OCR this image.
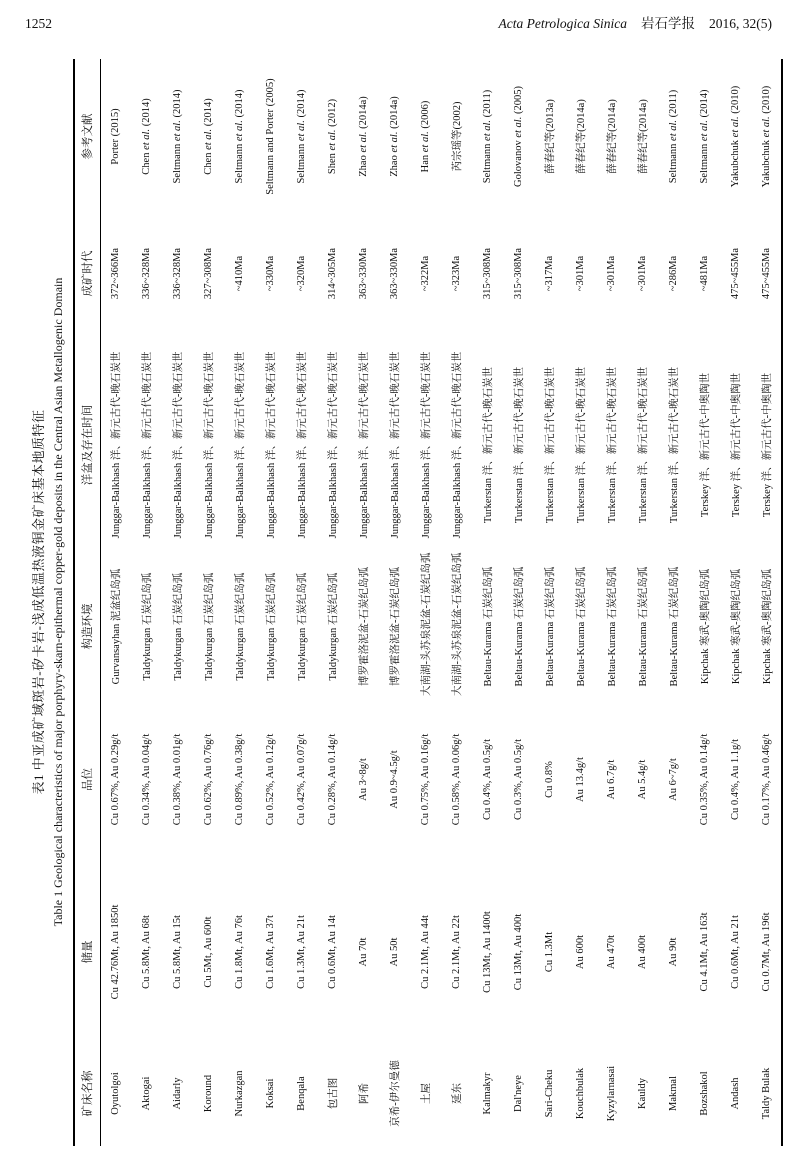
1252	Acta Petrologica Sinica 岩石学报 2016, 32(5)
表1 中亚成矿域斑岩-矽卡岩-浅成低温热液铜金矿床基本地质特征 Table 1 Geological characteristics of major porphyry-skarn-epithermal copper-gold deposits in the Central Asian Metallogenic Domain
矿床名称	储量	品位	构造环境	洋盆及存在时间	成矿时代	参考文献
Oyutolgoi	Cu 42.76Mt, Au 1850t	Cu 0.67%, Au 0.29g/t	Gurvansayhan 泥盆纪岛弧	Junggar-Balkhash 洋、新元古代-晚石炭世	372~366Ma	Porter (2015)
Aktogai	Cu 5.8Mt, Au 68t	Cu 0.34%, Au 0.04g/t	Taldykurgan 石炭纪岛弧	Junggar-Balkhash 洋、新元古代-晚石炭世	336~328Ma	Chen et al. (2014)
Aidarly	Cu 5.8Mt, Au 15t	Cu 0.38%, Au 0.01g/t	Taldykurgan 石炭纪岛弧	Junggar-Balkhash 洋、新元古代-晚石炭世	336~328Ma	Seltmann et al. (2014)
Koround	Cu 5Mt, Au 600t	Cu 0.62%, Au 0.76g/t	Taldykurgan 石炭纪岛弧	Junggar-Balkhash 洋、新元古代-晚石炭世	327~308Ma	Chen et al. (2014)
Nurkazgan	Cu 1.8Mt, Au 76t	Cu 0.89%, Au 0.38g/t	Taldykurgan 石炭纪岛弧	Junggar-Balkhash 洋、新元古代-晚石炭世	~410Ma	Seltmann et al. (2014)
Koksai	Cu 1.6Mt, Au 37t	Cu 0.52%, Au 0.12g/t	Taldykurgan 石炭纪岛弧	Junggar-Balkhash 洋、新元古代-晚石炭世	~330Ma	Seltmann and Porter (2005)
Benqala	Cu 1.3Mt, Au 21t	Cu 0.42%, Au 0.07g/t	Taldykurgan 石炭纪岛弧	Junggar-Balkhash 洋、新元古代-晚石炭世	~320Ma	Seltmann et al. (2014)
包古图	Cu 0.6Mt, Au 14t	Cu 0.28%, Au 0.14g/t	Taldykurgan 石炭纪岛弧	Junggar-Balkhash 洋、新元古代-晚石炭世	314~305Ma	Shen et al. (2012)
阿希	Au 70t	Au 3~8g/t	博罗霍洛泥盆-石炭纪岛弧	Junggar-Balkhash 洋、新元古代-晚石炭世	363~330Ma	Zhao et al. (2014a)
京希-伊尔曼德	Au 50t	Au 0.9~4.5g/t	博罗霍洛泥盆-石炭纪岛弧	Junggar-Balkhash 洋、新元古代-晚石炭世	363~330Ma	Zhao et al. (2014a)
土屋	Cu 2.1Mt, Au 44t	Cu 0.75%, Au 0.16g/t	大南湖-头苏泉泥盆-石炭纪岛弧	Junggar-Balkhash 洋、新元古代-晚石炭世	~322Ma	Han et al. (2006)
延东	Cu 2.1Mt, Au 22t	Cu 0.58%, Au 0.06g/t	大南湖-头苏泉泥盆-石炭纪岛弧	Junggar-Balkhash 洋、新元古代-晚石炭世	~323Ma	芮宗瑶等(2002)
Kalmakyr	Cu 13Mt, Au 1400t	Cu 0.4%, Au 0.5g/t	Beltau-Kurama 石炭纪岛弧	Turkerstan 洋、新元古代-晚石炭世	315~308Ma	Seltmann et al. (2011)
Dal'neye	Cu 13Mt, Au 400t	Cu 0.3%, Au 0.5g/t	Beltau-Kurama 石炭纪岛弧	Turkerstan 洋、新元古代-晚石炭世	315~308Ma	Golovanov et al. (2005)
Sari-Cheku	Cu 1.3Mt	Cu 0.8%	Beltau-Kurama 石炭纪岛弧	Turkerstan 洋、新元古代-晚石炭世	~317Ma	薛春纪等(2013a)
Kouchbulak	Au 600t	Au 13.4g/t	Beltau-Kurama 石炭纪岛弧	Turkerstan 洋、新元古代-晚石炭世	~301Ma	薛春纪等(2014a)
Kyzylarnasai	Au 470t	Au 6.7g/t	Beltau-Kurama 石炭纪岛弧	Turkerstan 洋、新元古代-晚石炭世	~301Ma	薛春纪等(2014a)
Kauldy	Au 400t	Au 5.4g/t	Beltau-Kurama 石炭纪岛弧	Turkerstan 洋、新元古代-晚石炭世	~301Ma	薛春纪等(2014a)
Makmal	Au 90t	Au 6~7g/t	Beltau-Kurama 石炭纪岛弧	Turkerstan 洋、新元古代-晚石炭世	~286Ma	Seltmann et al. (2011)
Bozshakol	Cu 4.1Mt, Au 163t	Cu 0.35%, Au 0.14g/t	Kipchak 寒武-奥陶纪岛弧	Terskey 洋、新元古代-中奥陶世	~481Ma	Seltmann et al. (2014)
Andash	Cu 0.6Mt, Au 21t	Cu 0.4%, Au 1.1g/t	Kipchak 寒武-奥陶纪岛弧	Terskey 洋、新元古代-中奥陶世	475~455Ma	Yakubchuk et al. (2010)
Taldy Bulak	Cu 0.7Mt, Au 196t	Cu 0.17%, Au 0.46g/t	Kipchak 寒武-奥陶纪岛弧	Terskey 洋、新元古代-中奥陶世	475~455Ma	Yakubchuk et al. (2010)
